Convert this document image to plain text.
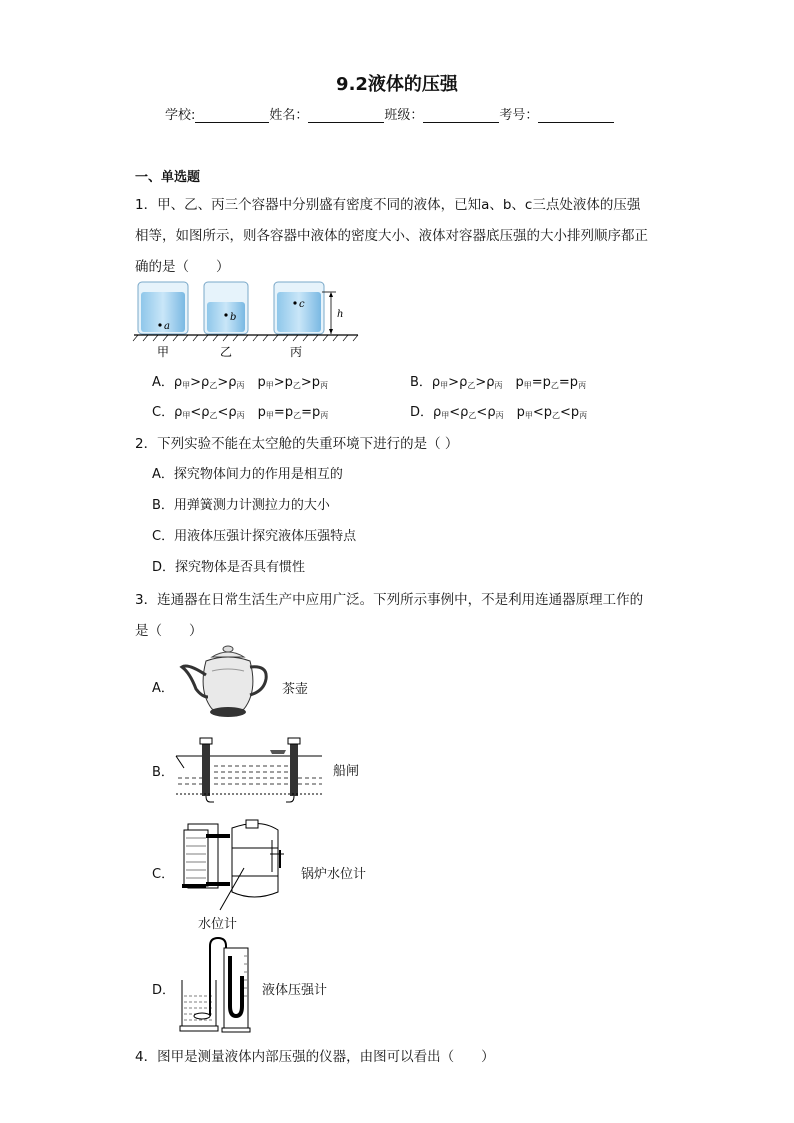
9.2液体的压强
学校:	姓名：	班级：	考号：
一、单选题
1．甲、乙、丙三个容器中分别盛有密度不同的液体，已知a、b、c三点处液体的压强
相等，如图所示，则各容器中液体的密度大小、液体对容器底压强的大小排列顺序都正
确的是（　　）
a
b
c
h
甲	乙	丙
A．$\rho_甲>\rho_乙>\rho_丙$　$p_甲>p_乙>p_丙$	B．$\rho_甲>\rho_乙>\rho_丙$　$p_甲=p_乙=p_丙$
C．$\rho_甲<\rho_乙<\rho_丙$　$p_甲=p_乙=p_丙$	D．$\rho_甲<\rho_乙<\rho_丙$　$p_甲<p_乙<p_丙$
2．下列实验不能在太空舱的失重环境下进行的是（ ）
A．探究物体间力的作用是相互的
B．用弹簧测力计测拉力的大小
C．用液体压强计探究液体压强特点
D．探究物体是否具有惯性
3．连通器在日常生活生产中应用广泛。下列所示事例中，不是利用连通器原理工作的
是（　　）
A．	茶壶
B．	船闸
C．	锅炉水位计
水位计
D．	液体压强计
4．图甲是测量液体内部压强的仪器，由图可以看出（　　）
